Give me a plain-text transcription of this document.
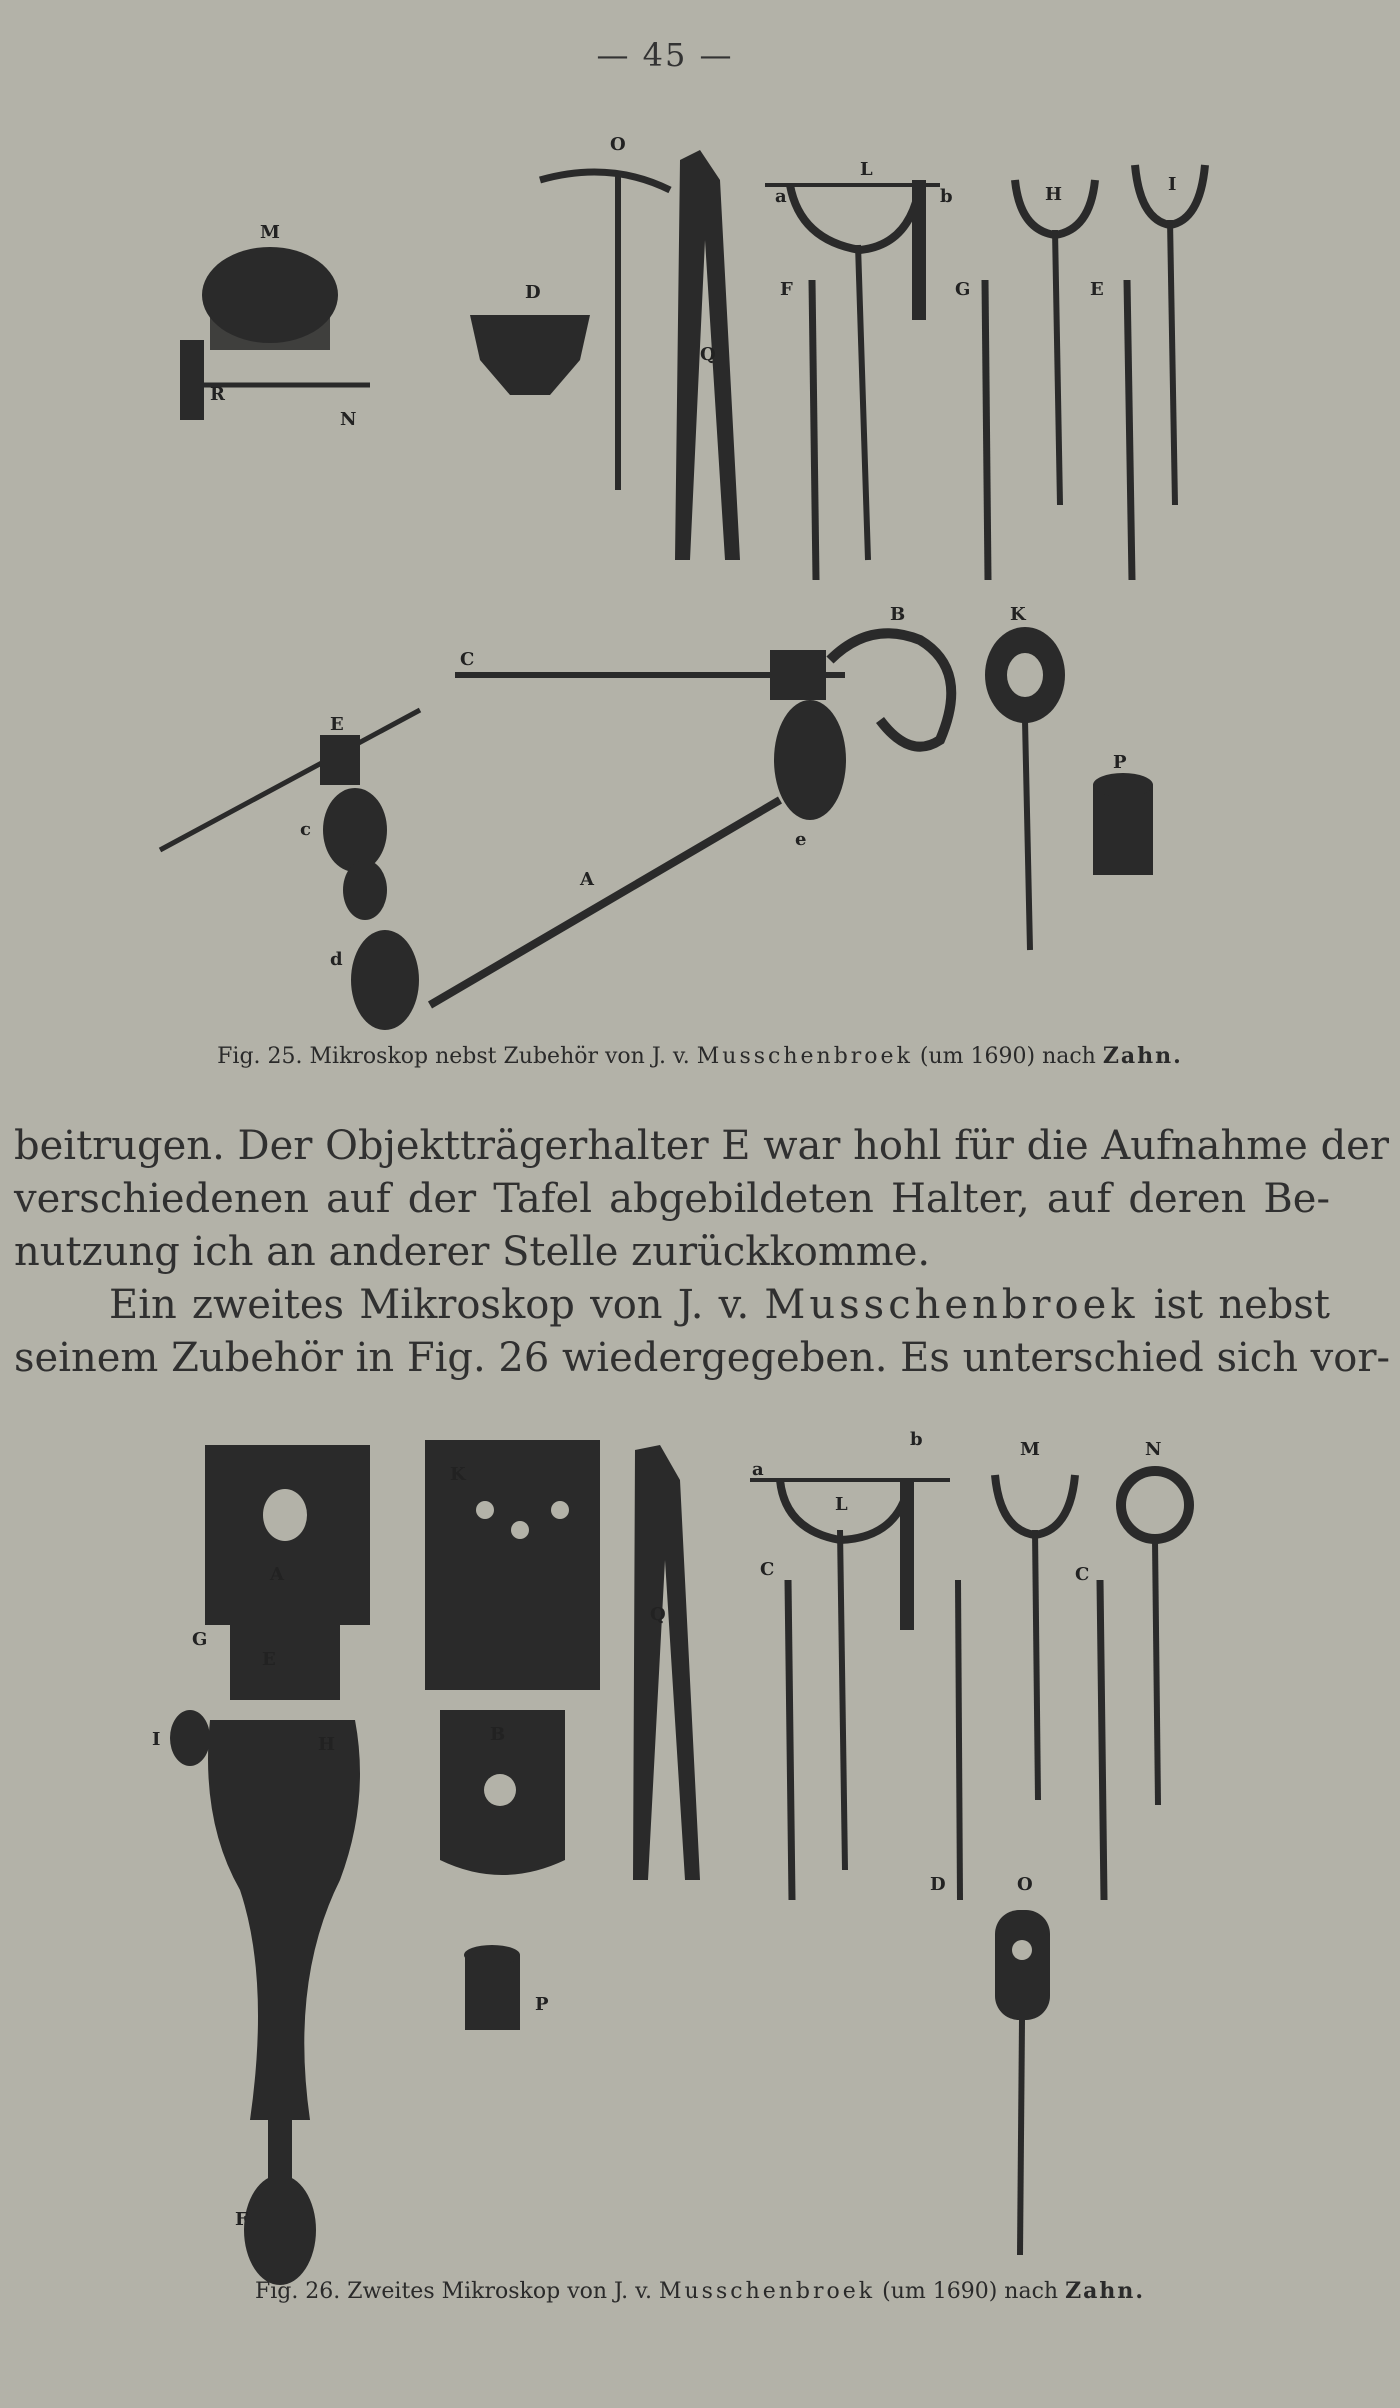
— 45 —
M
R
N
D
O
Q
L
a	b
F	G
H	I
E
B
C
E
c
A
e
d
K
P
Fig. 25. Mikroskop nebst Zubehör von J. v. Musschenbroek (um 1690) nach Zahn.
beitrugen. Der Objektträgerhalter E war hohl für die Aufnahme der
verschiedenen auf der Tafel abgebildeten Halter, auf deren Be-
nutzung ich an anderer Stelle zurückkomme.
Ein zweites Mikroskop von J. v. Musschenbroek ist nebst
seinem Zubehör in Fig. 26 wiedergegeben. Es unterschied sich vor-
A
E
G
I	H
F
K
B
P
Q
a
b
L
C
D
M
C
N
O
Fig. 26. Zweites Mikroskop von J. v. Musschenbroek (um 1690) nach Zahn.
